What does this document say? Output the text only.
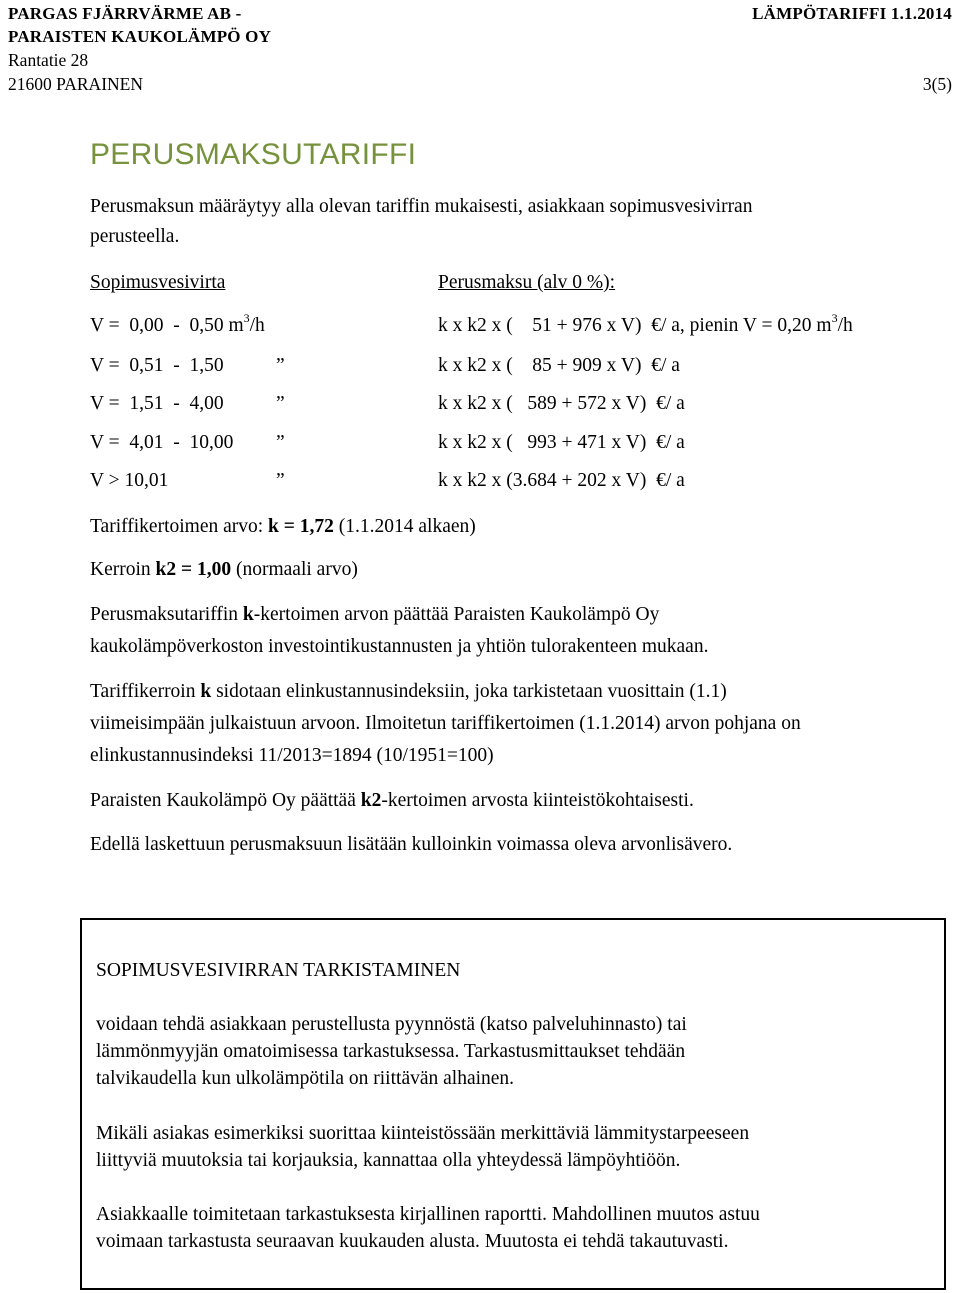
PARGAS FJÄRRVÄRME AB -
PARAISTEN KAUKOLÄMPÖ OY
Rantatie 28
21600 PARAINEN
LÄMPÖTARIFFI 1.1.2014
3(5)
PERUSMAKSUTARIFFI
Perusmaksun määräytyy alla olevan tariffin mukaisesti, asiakkaan sopimusvesivirran
perusteella.
Sopimusvesivirta	Perusmaksu (alv 0 %):
V =  0,00  -  0,50 $m^3/h$	k x k2 x (    51 + 976 x V)  €/ a, pienin V = 0,20 $m^3/h$
V =  0,51  -  1,50	”	k x k2 x (    85 + 909 x V)  €/ a
V =  1,51  -  4,00	”	k x k2 x (   589 + 572 x V)  €/ a
V =  4,01  -  10,00 ”	k x k2 x (   993 + 471 x V)  €/ a
V > 10,01	”	k x k2 x (3.684 + 202 x V)  €/ a
Tariffikertoimen arvo: k = 1,72 (1.1.2014 alkaen)
Kerroin k2 = 1,00 (normaali arvo)
Perusmaksutariffin k-kertoimen arvon päättää Paraisten Kaukolämpö Oy
kaukolämpöverkoston investointikustannusten ja yhtiön tulorakenteen mukaan.
Tariffikerroin k sidotaan elinkustannusindeksiin, joka tarkistetaan vuosittain (1.1)
viimeisimpään julkaistuun arvoon. Ilmoitetun tariffikertoimen (1.1.2014) arvon pohjana on
elinkustannusindeksi 11/2013=1894 (10/1951=100)
Paraisten Kaukolämpö Oy päättää k2-kertoimen arvosta kiinteistökohtaisesti.
Edellä laskettuun perusmaksuun lisätään kulloinkin voimassa oleva arvonlisävero.
SOPIMUSVESIVIRRAN TARKISTAMINEN
voidaan tehdä asiakkaan perustellusta pyynnöstä (katso palveluhinnasto) tai
lämmönmyyjän omatoimisessa tarkastuksessa. Tarkastusmittaukset tehdään
talvikaudella kun ulkolämpötila on riittävän alhainen.
Mikäli asiakas esimerkiksi suorittaa kiinteistössään merkittäviä lämmitystarpeeseen
liittyviä muutoksia tai korjauksia, kannattaa olla yhteydessä lämpöyhtiöön.
Asiakkaalle toimitetaan tarkastuksesta kirjallinen raportti. Mahdollinen muutos astuu
voimaan tarkastusta seuraavan kuukauden alusta. Muutosta ei tehdä takautuvasti.
